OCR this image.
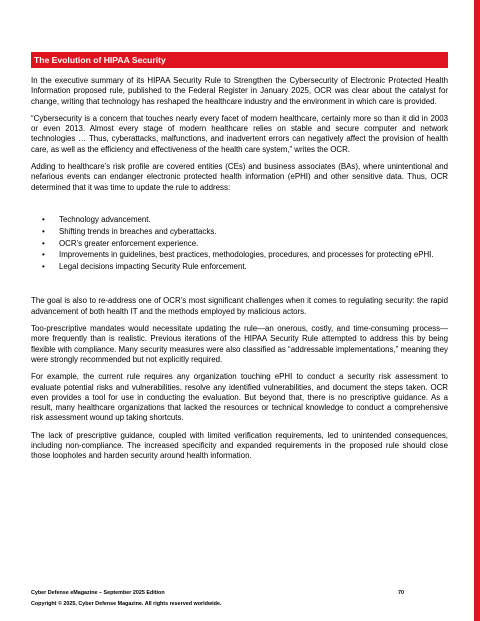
The Evolution of HIPAA Security

In the executive summary of its HIPAA Security Rule to Strengthen the Cybersecurity of Electronic Protected Health Information proposed rule, published to the Federal Register in January 2025, OCR was clear about the catalyst for change, writing that technology has reshaped the healthcare industry and the environment in which care is provided.

“Cybersecurity is a concern that touches nearly every facet of modern healthcare, certainly more so than it did in 2003 or even 2013. Almost every stage of modern healthcare relies on stable and secure computer and network technologies … Thus, cyberattacks, malfunctions, and inadvertent errors can negatively affect the provision of health care, as well as the efficiency and effectiveness of the health care system,” writes the OCR.

Adding to healthcare’s risk profile are covered entities (CEs) and business associates (BAs), where unintentional and nefarious events can endanger electronic protected health information (ePHI) and other sensitive data. Thus, OCR determined that it was time to update the rule to address:

• Technology advancement.
• Shifting trends in breaches and cyberattacks.
• OCR’s greater enforcement experience.
• Improvements in guidelines, best practices, methodologies, procedures, and processes for protecting ePHI.
• Legal decisions impacting Security Rule enforcement.

The goal is also to re-address one of OCR’s most significant challenges when it comes to regulating security: the rapid advancement of both health IT and the methods employed by malicious actors.

Too-prescriptive mandates would necessitate updating the rule—an onerous, costly, and time-consuming process—more frequently than is realistic. Previous iterations of the HIPAA Security Rule attempted to address this by being flexible with compliance. Many security measures were also classified as “addressable implementations,” meaning they were strongly recommended but not explicitly required.

For example, the current rule requires any organization touching ePHI to conduct a security risk assessment to evaluate potential risks and vulnerabilities, resolve any identified vulnerabilities, and document the steps taken. OCR even provides a tool for use in conducting the evaluation. But beyond that, there is no prescriptive guidance. As a result, many healthcare organizations that lacked the resources or technical knowledge to conduct a comprehensive risk assessment wound up taking shortcuts.

The lack of prescriptive guidance, coupled with limited verification requirements, led to unintended consequences, including non-compliance. The increased specificity and expanded requirements in the proposed rule should close those loopholes and harden security around health information.

Cyber Defense eMagazine – September 2025 Edition	70
Copyright © 2025, Cyber Defense Magazine. All rights reserved worldwide.
